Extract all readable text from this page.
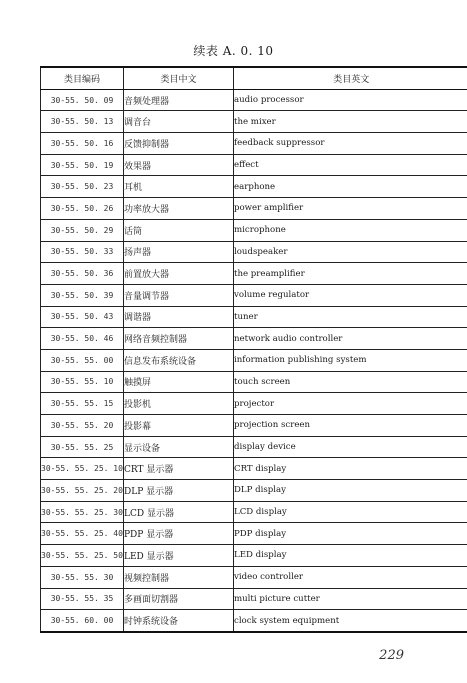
续表 A. 0. 10
类目编码	类目中文	类目英文
30-55. 50. 09	音频处理器	audio processor
30-55. 50. 13	调音台	the mixer
30-55. 50. 16	反馈抑制器	feedback suppressor
30-55. 50. 19	效果器	effect
30-55. 50. 23	耳机	earphone
30-55. 50. 26	功率放大器	power amplifier
30-55. 50. 29	话筒	microphone
30-55. 50. 33	扬声器	loudspeaker
30-55. 50. 36	前置放大器	the preamplifier
30-55. 50. 39	音量调节器	volume regulator
30-55. 50. 43	调谐器	tuner
30-55. 50. 46	网络音频控制器	network audio controller
30-55. 55. 00	信息发布系统设备	information publishing system
30-55. 55. 10	触摸屏	touch screen
30-55. 55. 15	投影机	projector
30-55. 55. 20	投影幕	projection screen
30-55. 55. 25	显示设备	display device
30-55. 55. 25. 10	CRT 显示器	CRT display
30-55. 55. 25. 20	DLP 显示器	DLP display
30-55. 55. 25. 30	LCD 显示器	LCD display
30-55. 55. 25. 40	PDP 显示器	PDP display
30-55. 55. 25. 50	LED 显示器	LED display
30-55. 55. 30	视频控制器	video controller
30-55. 55. 35	多画面切割器	multi picture cutter
30-55. 60. 00	时钟系统设备	clock system equipment
229
